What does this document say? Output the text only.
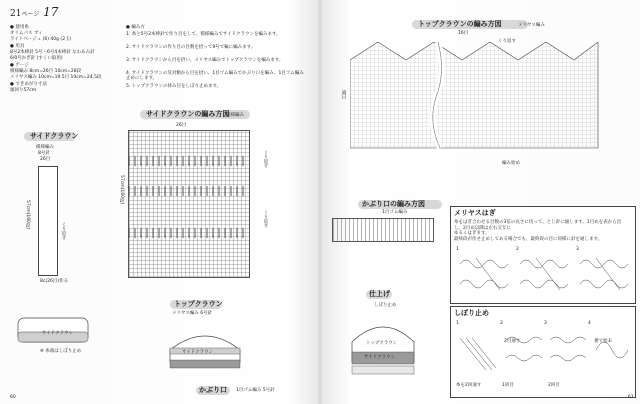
21ページ 17
● 使用糸
オリムパス ブィ
ライトベージュ (6) 40g (2玉)
● 用具
8号2本棒針 5号・6号4本棒針 なわあみ針
6/0号かぎ針 (すくい取用)
● ゲージ
模様編み 8cm=26目 10cm=28段
メリヤス編み 10cm=19.5目 10cm=24.5段
● できあがり寸法
頭回り57cm
● 編み方
1. 糸と5号2本棒針で作り目をして、模様編みでサイドクラウンを編みます。
2. サイドクラウンの作り目の目数を拾って9号で輪に編みます。
3. サイドクラウンから目を拾い、メリヤス編みでトップクラウンを編みます。
4. サイドクラウンの反対側から目を拾い、1目ゴム編みでかぶり口を編み、1目ゴム編み止めにします。
5. トップクラウンの休み目をしぼり止めます。
サイドクラウン
模様編み
8号針
26目
57cm(160段)
くり返す
8c(26目)作る
サイドクラウン
※ 糸端はしぼり止め
サイドクラウンの編み方図
模様編み
26目
57cm(160段)
くり返す
くり返す
トップクラウン
メリヤス編み 6号針
サイドクラウン
かぶり口 1目ゴム編み 5号針
60
トップクラウンの編み方図	メリヤス編み
16目
くり返す
減目
編み始め
かぶり口の編み方図
1目ゴム編み
仕上げ
しぼり止め
トップクラウン
サイドクラウン
メリヤスはぎ
糸をはぎ合わせる目数の3倍の長さに切って、とじ針に通します。1目めを表から出し、2目め以降は左右交互に
ゆるくはぎます。
最終段が伏せ止めしてある場合でも、最終段の目に同様に針を通します。
1	2	3
しぼり止め
1	2	3	4
2目通す	裏で始末
糸を2回通す	1回目	2回目
61
